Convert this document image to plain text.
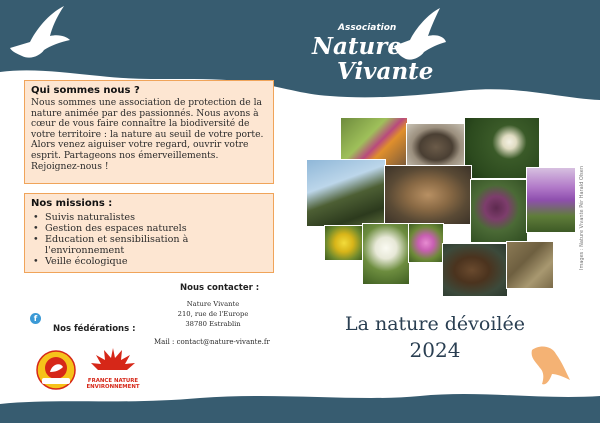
Association
Nature
Vivante

Qui sommes nous ?

Nous sommes une association de protection de la nature animée par des passionnés. Nous avons à cœur de vous faire connaître la biodiversité de votre territoire : la nature au seuil de votre porte. Alors venez aiguiser votre regard, ouvrir votre esprit. Partageons nos émerveillements. Rejoignez-nous !

Nos missions :

• Suivis naturalistes
• Gestion des espaces naturels
• Education et sensibilisation à l'environnement
• Veille écologique
Nous contacter :
Nature Vivante
210, rue de l'Europe
38780 Estrablin
Mail : contact@nature-vivante.fr
f
Nos fédérations :
FRANCE NATURE ENVIRONNEMENT
Images : Nature Vivante Pér Harald Olsen
La nature dévoilée
2024
